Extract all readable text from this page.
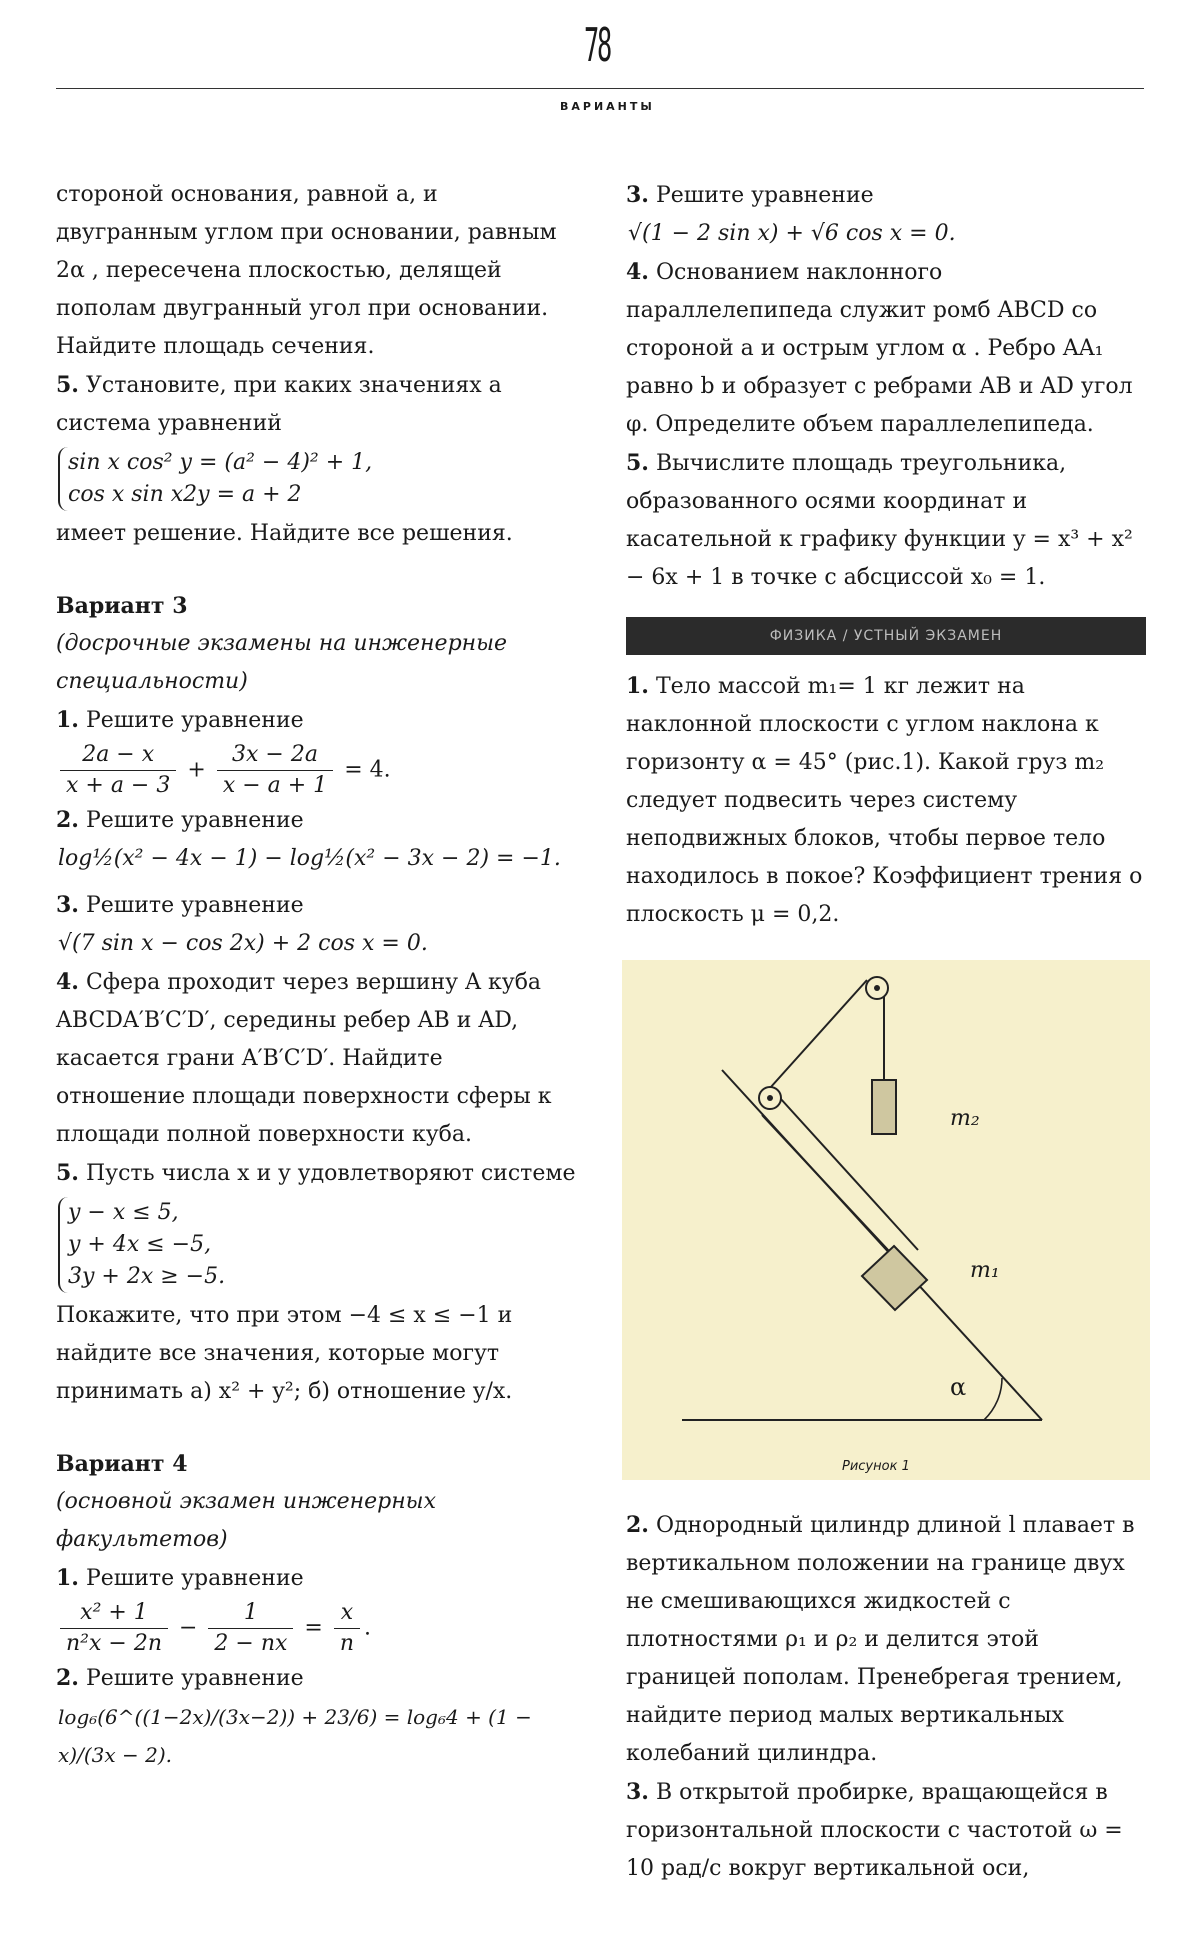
78
ВАРИАНТЫ

стороной основания, равной a, и двугранным углом при основании, равным 2α , пересечена плоскостью, делящей пополам двугранный угол при основании. Найдите площадь сечения.

5. Установите, при каких значениях a система уравнений

sin x cos² y = (a² − 4)² + 1,
cos x sin x2y = a + 2

имеет решение. Найдите все решения.

Вариант 3

(досрочные экзамены на инженерные специальности)

1. Решите уравнение

$\frac{2a - x}{x + a - 3} + \frac{3x - 2a}{x - a + 1} = 4$.

2. Решите уравнение

log½(x² − 4x − 1) − log½(x² − 3x − 2) = −1.

3. Решите уравнение

√(7 sin x − cos 2x) + 2 cos x = 0.

4. Сфера проходит через вершину A куба ABCDA′B′C′D′, середины ребер AB и AD, касается грани A′B′C′D′. Найдите отношение площади поверхности сферы к площади полной поверхности куба.

5. Пусть числа x и y удовлетворяют системе

y − x ≤ 5,
y + 4x ≤ −5,
3y + 2x ≥ −5.

Покажите, что при этом −4 ≤ x ≤ −1 и найдите все значения, которые могут принимать а) x² + y²; б) отношение y/x.

Вариант 4

(основной экзамен инженерных факультетов)

1. Решите уравнение

$\frac{\text{x² + 1}}{\text{n²x − 2n}} - \frac{1}{2 - nx} = \frac{x}{n}$ .

2. Решите уравнение

log₆(6^((1−2x)/(3x−2)) + 23/6) = log₆4 + (1 − x)/(3x − 2).

3. Решите уравнение

√(1 − 2 sin x) + √6 cos x = 0.

4. Основанием наклонного параллелепипеда служит ромб ABCD со стороной a и острым углом α . Ребро AA₁ равно b и образует с ребрами AB и AD угол φ. Определите объем параллелепипеда.

5. Вычислите площадь треугольника, образованного осями координат и касательной к графику функции y = x³ + x² − 6x + 1 в точке с абсциссой x₀ = 1.

ФИЗИКА / УСТНЫЙ ЭКЗАМЕН

1. Тело массой m₁= 1 кг лежит на наклонной плоскости с углом наклона к горизонту α = 45° (рис.1). Какой груз m₂ следует подвесить через систему неподвижных блоков, чтобы первое тело находилось в покое? Коэффициент трения о плоскость μ = 0,2.

m₂
m₁
α
Рисунок 1

2. Однородный цилиндр длиной l плавает в вертикальном положении на границе двух не смешивающихся жидкостей с плотностями ρ₁ и ρ₂ и делится этой границей пополам. Пренебрегая трением, найдите период малых вертикальных колебаний цилиндра.

3. В открытой пробирке, вращающейся в горизонтальной плоскости с частотой ω = 10 рад/с вокруг вертикальной оси,
